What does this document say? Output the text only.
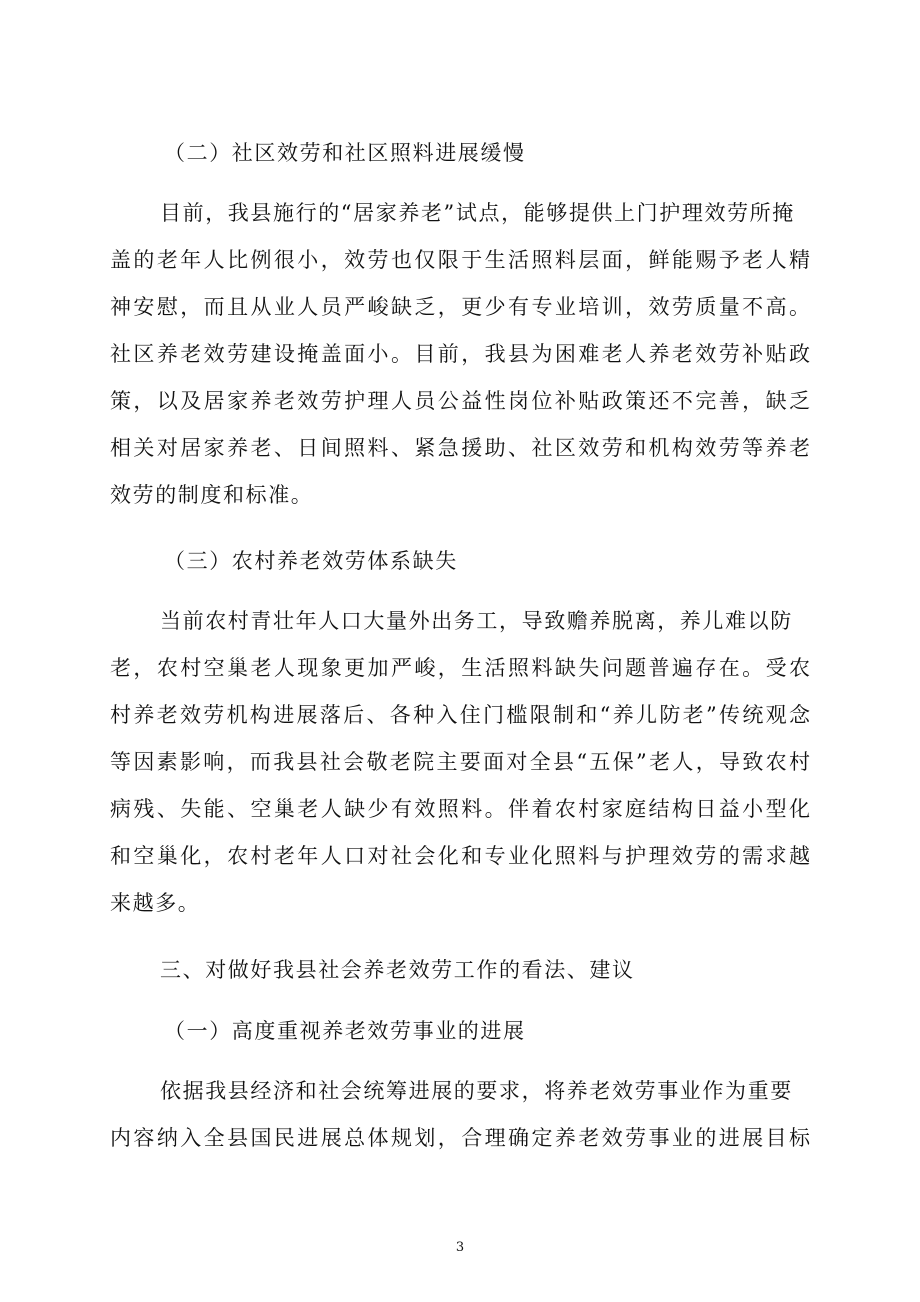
（二）社区效劳和社区照料进展缓慢
目前，我县施行的“居家养老”试点，能够提供上门护理效劳所掩
盖的老年人比例很小，效劳也仅限于生活照料层面，鲜能赐予老人精
神安慰，而且从业人员严峻缺乏，更少有专业培训，效劳质量不高。
社区养老效劳建设掩盖面小。目前，我县为困难老人养老效劳补贴政
策，以及居家养老效劳护理人员公益性岗位补贴政策还不完善，缺乏
相关对居家养老、日间照料、紧急援助、社区效劳和机构效劳等养老
效劳的制度和标准。
（三）农村养老效劳体系缺失
当前农村青壮年人口大量外出务工，导致赡养脱离，养儿难以防
老，农村空巢老人现象更加严峻，生活照料缺失问题普遍存在。受农
村养老效劳机构进展落后、各种入住门槛限制和“养儿防老”传统观念
等因素影响，而我县社会敬老院主要面对全县“五保”老人，导致农村
病残、失能、空巢老人缺少有效照料。伴着农村家庭结构日益小型化
和空巢化，农村老年人口对社会化和专业化照料与护理效劳的需求越
来越多。
三、对做好我县社会养老效劳工作的看法、建议
（一）高度重视养老效劳事业的进展
依据我县经济和社会统筹进展的要求，将养老效劳事业作为重要
内容纳入全县国民进展总体规划，合理确定养老效劳事业的进展目标
3
